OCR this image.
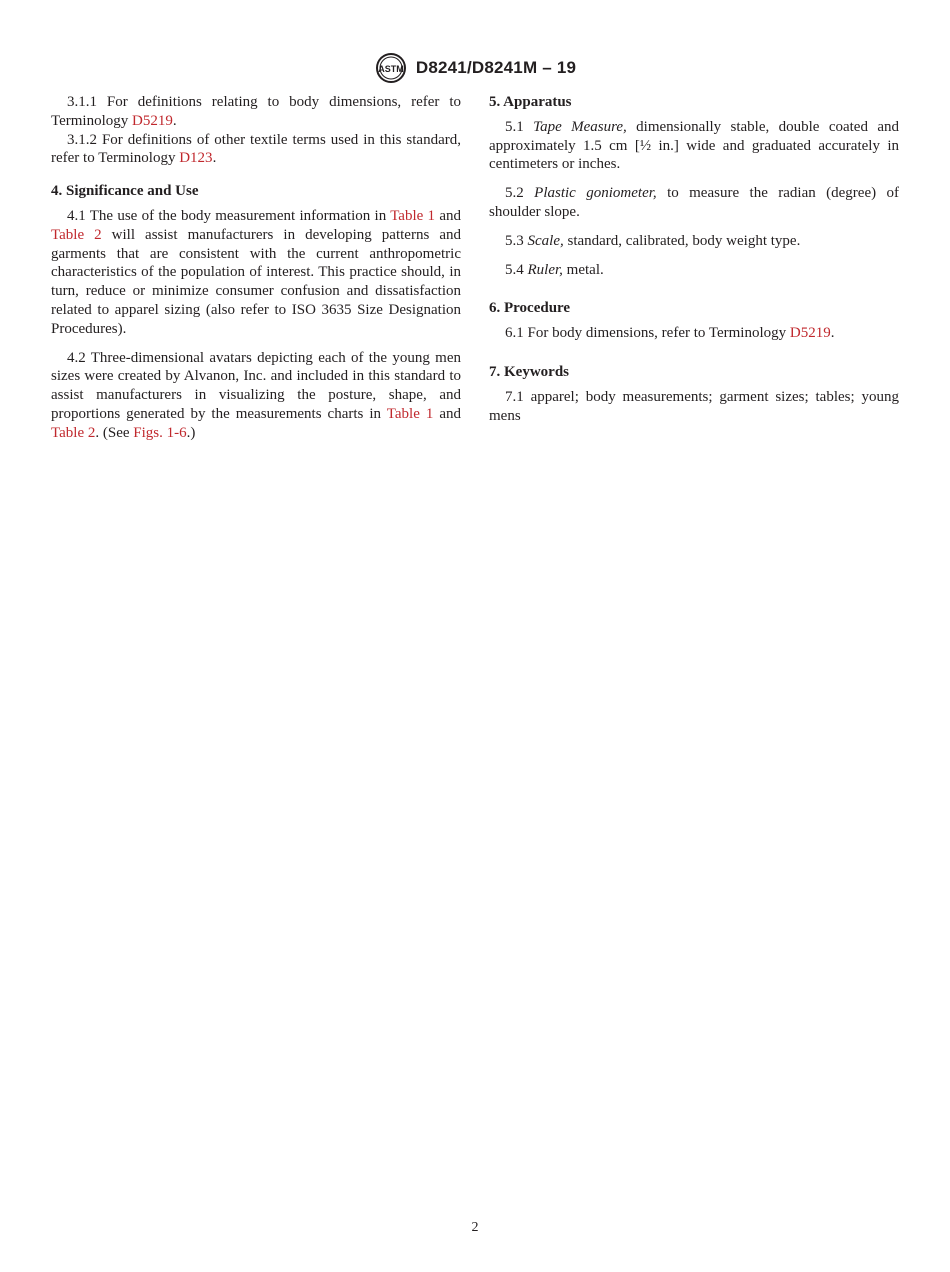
ASTM D8241/D8241M – 19

3.1.1 For definitions relating to body dimensions, refer to Terminology D5219.

3.1.2 For definitions of other textile terms used in this standard, refer to Terminology D123.

4. Significance and Use

4.1 The use of the body measurement information in Table 1 and Table 2 will assist manufacturers in developing patterns and garments that are consistent with the current anthropometric characteristics of the population of interest. This practice should, in turn, reduce or minimize consumer confusion and dissatisfaction related to apparel sizing (also refer to ISO 3635 Size Designation Procedures).

4.2 Three-dimensional avatars depicting each of the young men sizes were created by Alvanon, Inc. and included in this standard to assist manufacturers in visualizing the posture, shape, and proportions generated by the measurements charts in Table 1 and Table 2. (See Figs. 1-6.)

5. Apparatus

5.1 Tape Measure, dimensionally stable, double coated and approximately 1.5 cm [½ in.] wide and graduated accurately in centimeters or inches.

5.2 Plastic goniometer, to measure the radian (degree) of shoulder slope.

5.3 Scale, standard, calibrated, body weight type.

5.4 Ruler, metal.

6. Procedure

6.1 For body dimensions, refer to Terminology D5219.

7. Keywords

7.1 apparel; body measurements; garment sizes; tables; young mens

2
